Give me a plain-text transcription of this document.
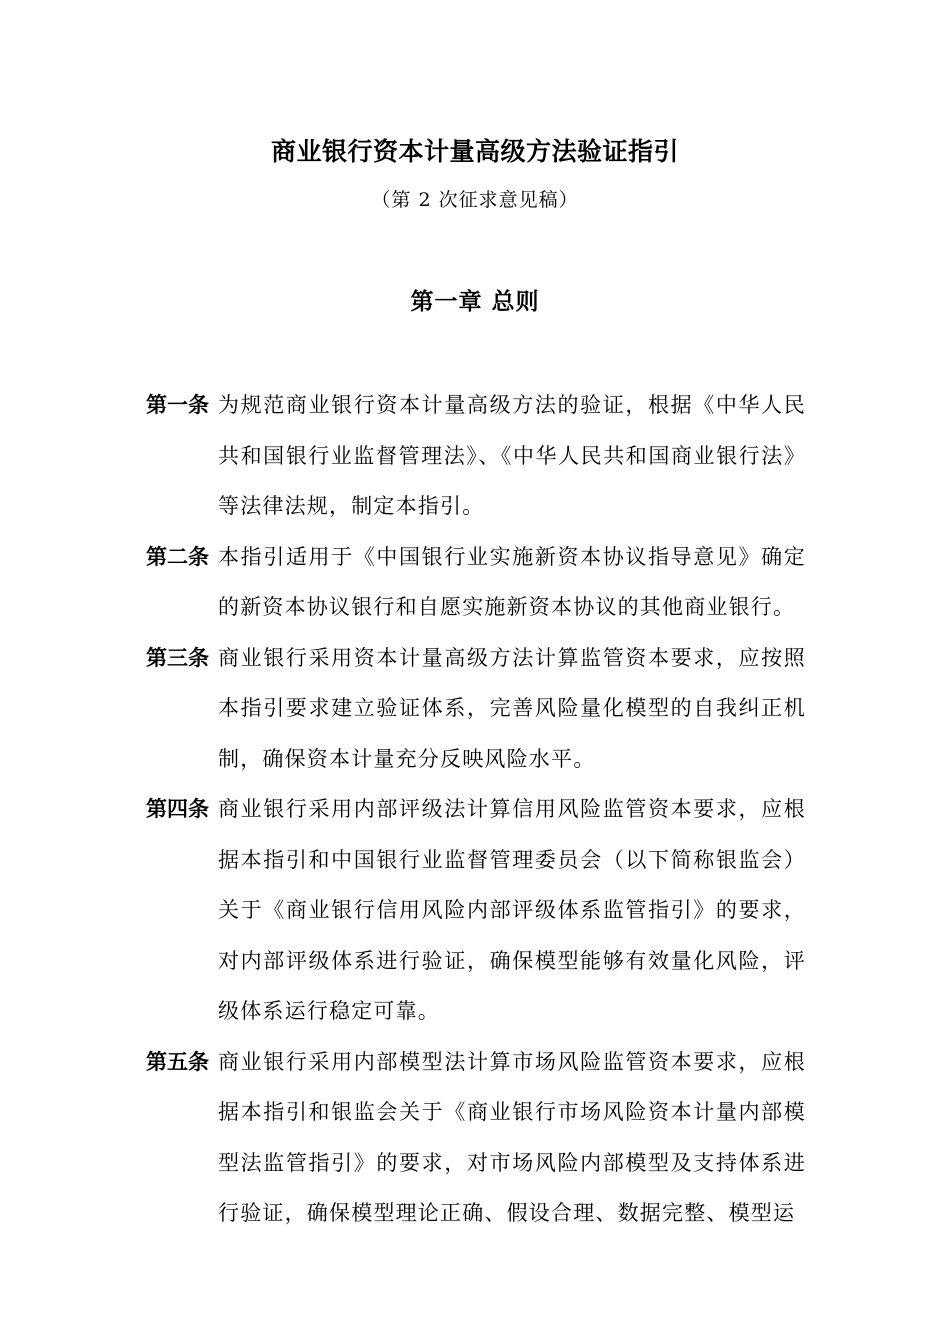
商业银行资本计量高级方法验证指引
（第 2 次征求意见稿）
第一章 总则
第一条 为规范商业银行资本计量高级方法的验证，根据《中华人民共和国银行业监督管理法》、《中华人民共和国商业银行法》等法律法规，制定本指引。
第二条 本指引适用于《中国银行业实施新资本协议指导意见》确定的新资本协议银行和自愿实施新资本协议的其他商业银行。
第三条 商业银行采用资本计量高级方法计算监管资本要求，应按照本指引要求建立验证体系，完善风险量化模型的自我纠正机制，确保资本计量充分反映风险水平。
第四条 商业银行采用内部评级法计算信用风险监管资本要求，应根据本指引和中国银行业监督管理委员会（以下简称银监会）关于《商业银行信用风险内部评级体系监管指引》的要求，对内部评级体系进行验证，确保模型能够有效量化风险，评级体系运行稳定可靠。
第五条 商业银行采用内部模型法计算市场风险监管资本要求，应根据本指引和银监会关于《商业银行市场风险资本计量内部模型法监管指引》的要求，对市场风险内部模型及支持体系进行验证，确保模型理论正确、假设合理、数据完整、模型运
